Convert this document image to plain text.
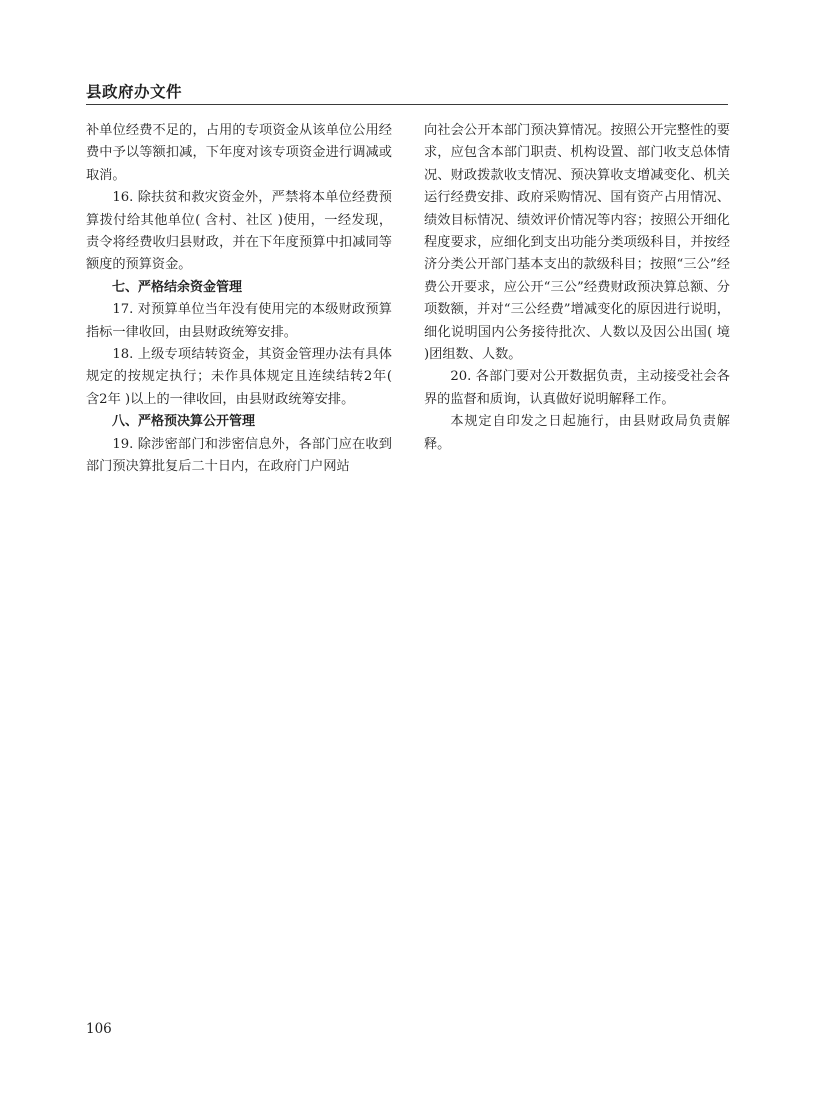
县政府办文件

补单位经费不足的，占用的专项资金从该单位公用经费中予以等额扣减，下年度对该专项资金进行调减或取消。

16. 除扶贫和救灾资金外，严禁将本单位经费预算拨付给其他单位( 含村、社区 )使用，一经发现，责令将经费收归县财政，并在下年度预算中扣减同等额度的预算资金。

七、严格结余资金管理

17. 对预算单位当年没有使用完的本级财政预算指标一律收回，由县财政统筹安排。

18. 上级专项结转资金，其资金管理办法有具体规定的按规定执行；未作具体规定且连续结转2年( 含2年 )以上的一律收回，由县财政统筹安排。

八、严格预决算公开管理

19. 除涉密部门和涉密信息外，各部门应在收到部门预决算批复后二十日内，在政府门户网站

向社会公开本部门预决算情况。按照公开完整性的要求，应包含本部门职责、机构设置、部门收支总体情况、财政拨款收支情况、预决算收支增减变化、机关运行经费安排、政府采购情况、国有资产占用情况、绩效目标情况、绩效评价情况等内容；按照公开细化程度要求，应细化到支出功能分类项级科目，并按经济分类公开部门基本支出的款级科目；按照“三公”经费公开要求，应公开“三公”经费财政预决算总额、分项数额，并对“三公经费”增减变化的原因进行说明，细化说明国内公务接待批次、人数以及因公出国( 境 )团组数、人数。

20. 各部门要对公开数据负责，主动接受社会各界的监督和质询，认真做好说明解释工作。

本规定自印发之日起施行，由县财政局负责解释。

106
